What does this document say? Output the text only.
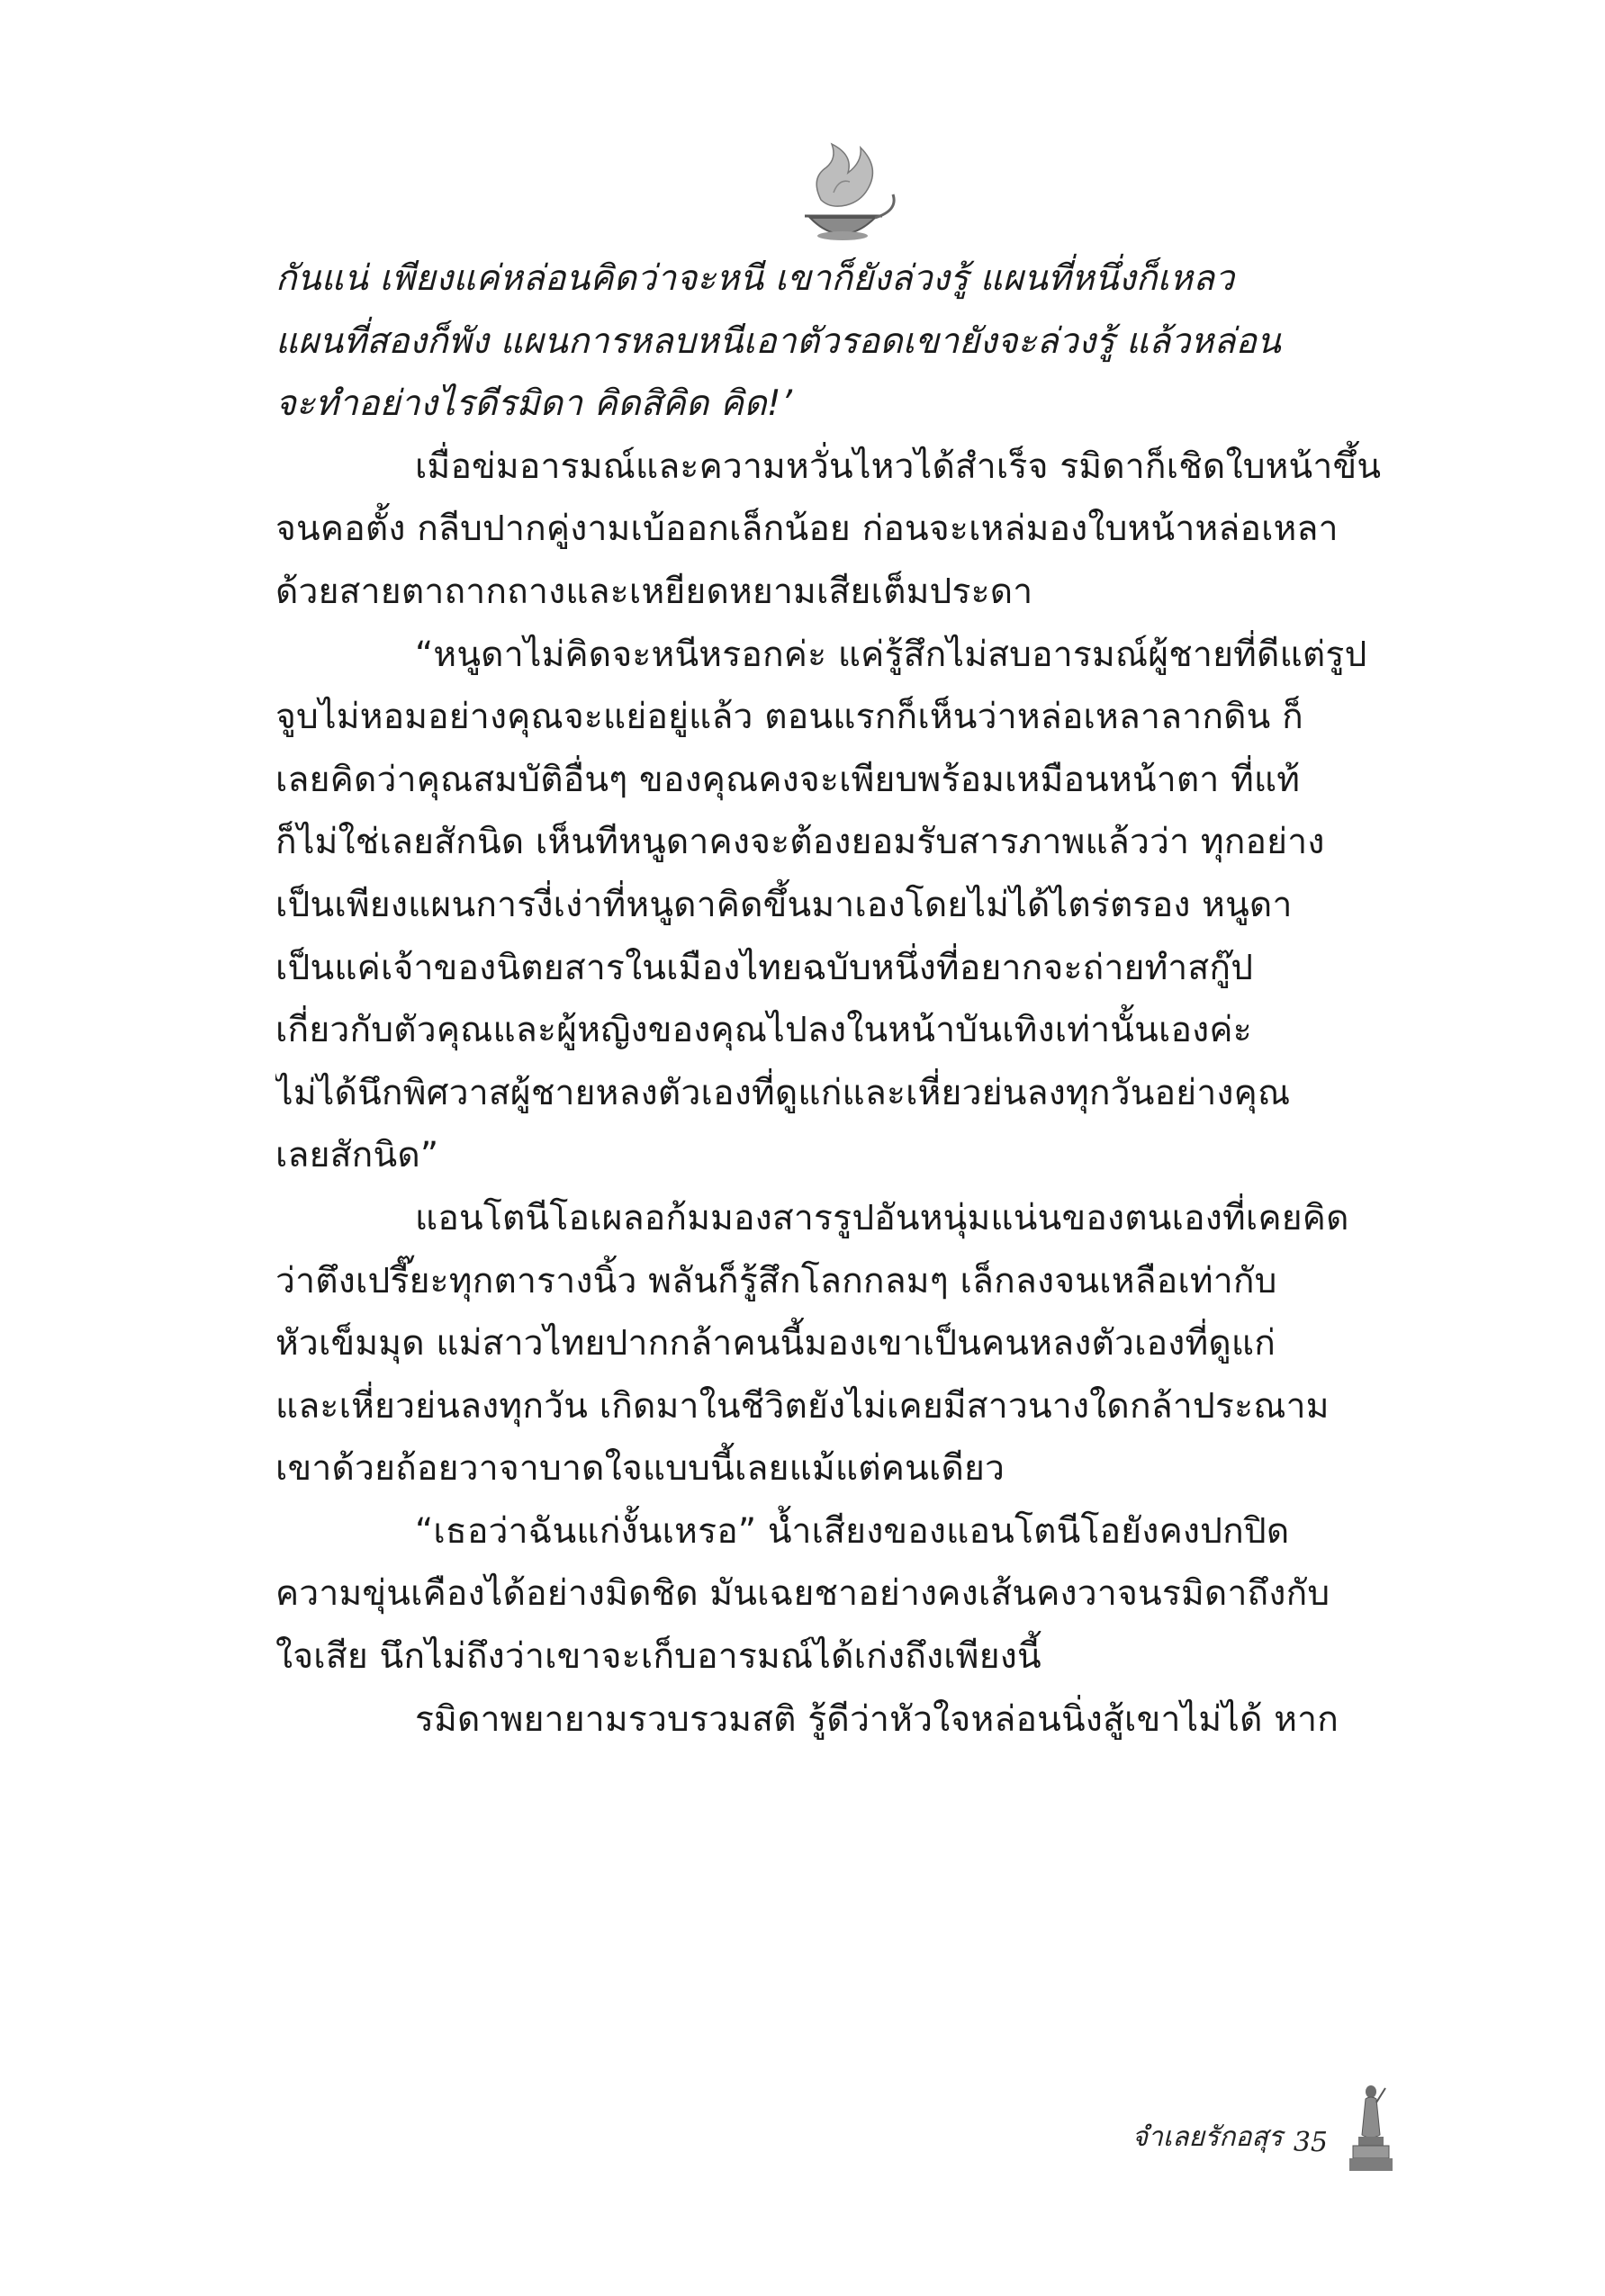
กันแน่ เพียงแค่หล่อนคิดว่าจะหนี เขาก็ยังล่วงรู้ แผนที่หนึ่งก็เหลว
แผนที่สองก็พัง แผนการหลบหนีเอาตัวรอดเขายังจะล่วงรู้ แล้วหล่อน
จะทำอย่างไรดีรมิดา คิดสิคิด คิด!’
เมื่อข่มอารมณ์และความหวั่นไหวได้สำเร็จ รมิดาก็เชิดใบหน้าขึ้น
จนคอตั้ง กลีบปากคู่งามเบ้ออกเล็กน้อย ก่อนจะเหล่มองใบหน้าหล่อเหลา
ด้วยสายตาถากถางและเหยียดหยามเสียเต็มประดา
“หนูดาไม่คิดจะหนีหรอกค่ะ แค่รู้สึกไม่สบอารมณ์ผู้ชายที่ดีแต่รูป
จูบไม่หอมอย่างคุณจะแย่อยู่แล้ว ตอนแรกก็เห็นว่าหล่อเหลาลากดิน ก็
เลยคิดว่าคุณสมบัติอื่นๆ ของคุณคงจะเพียบพร้อมเหมือนหน้าตา ที่แท้
ก็ไม่ใช่เลยสักนิด เห็นทีหนูดาคงจะต้องยอมรับสารภาพแล้วว่า ทุกอย่าง
เป็นเพียงแผนการงี่เง่าที่หนูดาคิดขึ้นมาเองโดยไม่ได้ไตร่ตรอง หนูดา
เป็นแค่เจ้าของนิตยสารในเมืองไทยฉบับหนึ่งที่อยากจะถ่ายทำสกู๊ป
เกี่ยวกับตัวคุณและผู้หญิงของคุณไปลงในหน้าบันเทิงเท่านั้นเองค่ะ
ไม่ได้นึกพิศวาสผู้ชายหลงตัวเองที่ดูแก่และเหี่ยวย่นลงทุกวันอย่างคุณ
เลยสักนิด”
แอนโตนีโอเผลอก้มมองสารรูปอันหนุ่มแน่นของตนเองที่เคยคิด
ว่าตึงเปรี๊ยะทุกตารางนิ้ว พลันก็รู้สึกโลกกลมๆ เล็กลงจนเหลือเท่ากับ
หัวเข็มมุด แม่สาวไทยปากกล้าคนนี้มองเขาเป็นคนหลงตัวเองที่ดูแก่
และเหี่ยวย่นลงทุกวัน เกิดมาในชีวิตยังไม่เคยมีสาวนางใดกล้าประณาม
เขาด้วยถ้อยวาจาบาดใจแบบนี้เลยแม้แต่คนเดียว
“เธอว่าฉันแก่งั้นเหรอ” น้ำเสียงของแอนโตนีโอยังคงปกปิด
ความขุ่นเคืองได้อย่างมิดชิด มันเฉยชาอย่างคงเส้นคงวาจนรมิดาถึงกับ
ใจเสีย นึกไม่ถึงว่าเขาจะเก็บอารมณ์ได้เก่งถึงเพียงนี้
รมิดาพยายามรวบรวมสติ รู้ดีว่าหัวใจหล่อนนิ่งสู้เขาไม่ได้ หาก
จำเลยรักอสุร 35
